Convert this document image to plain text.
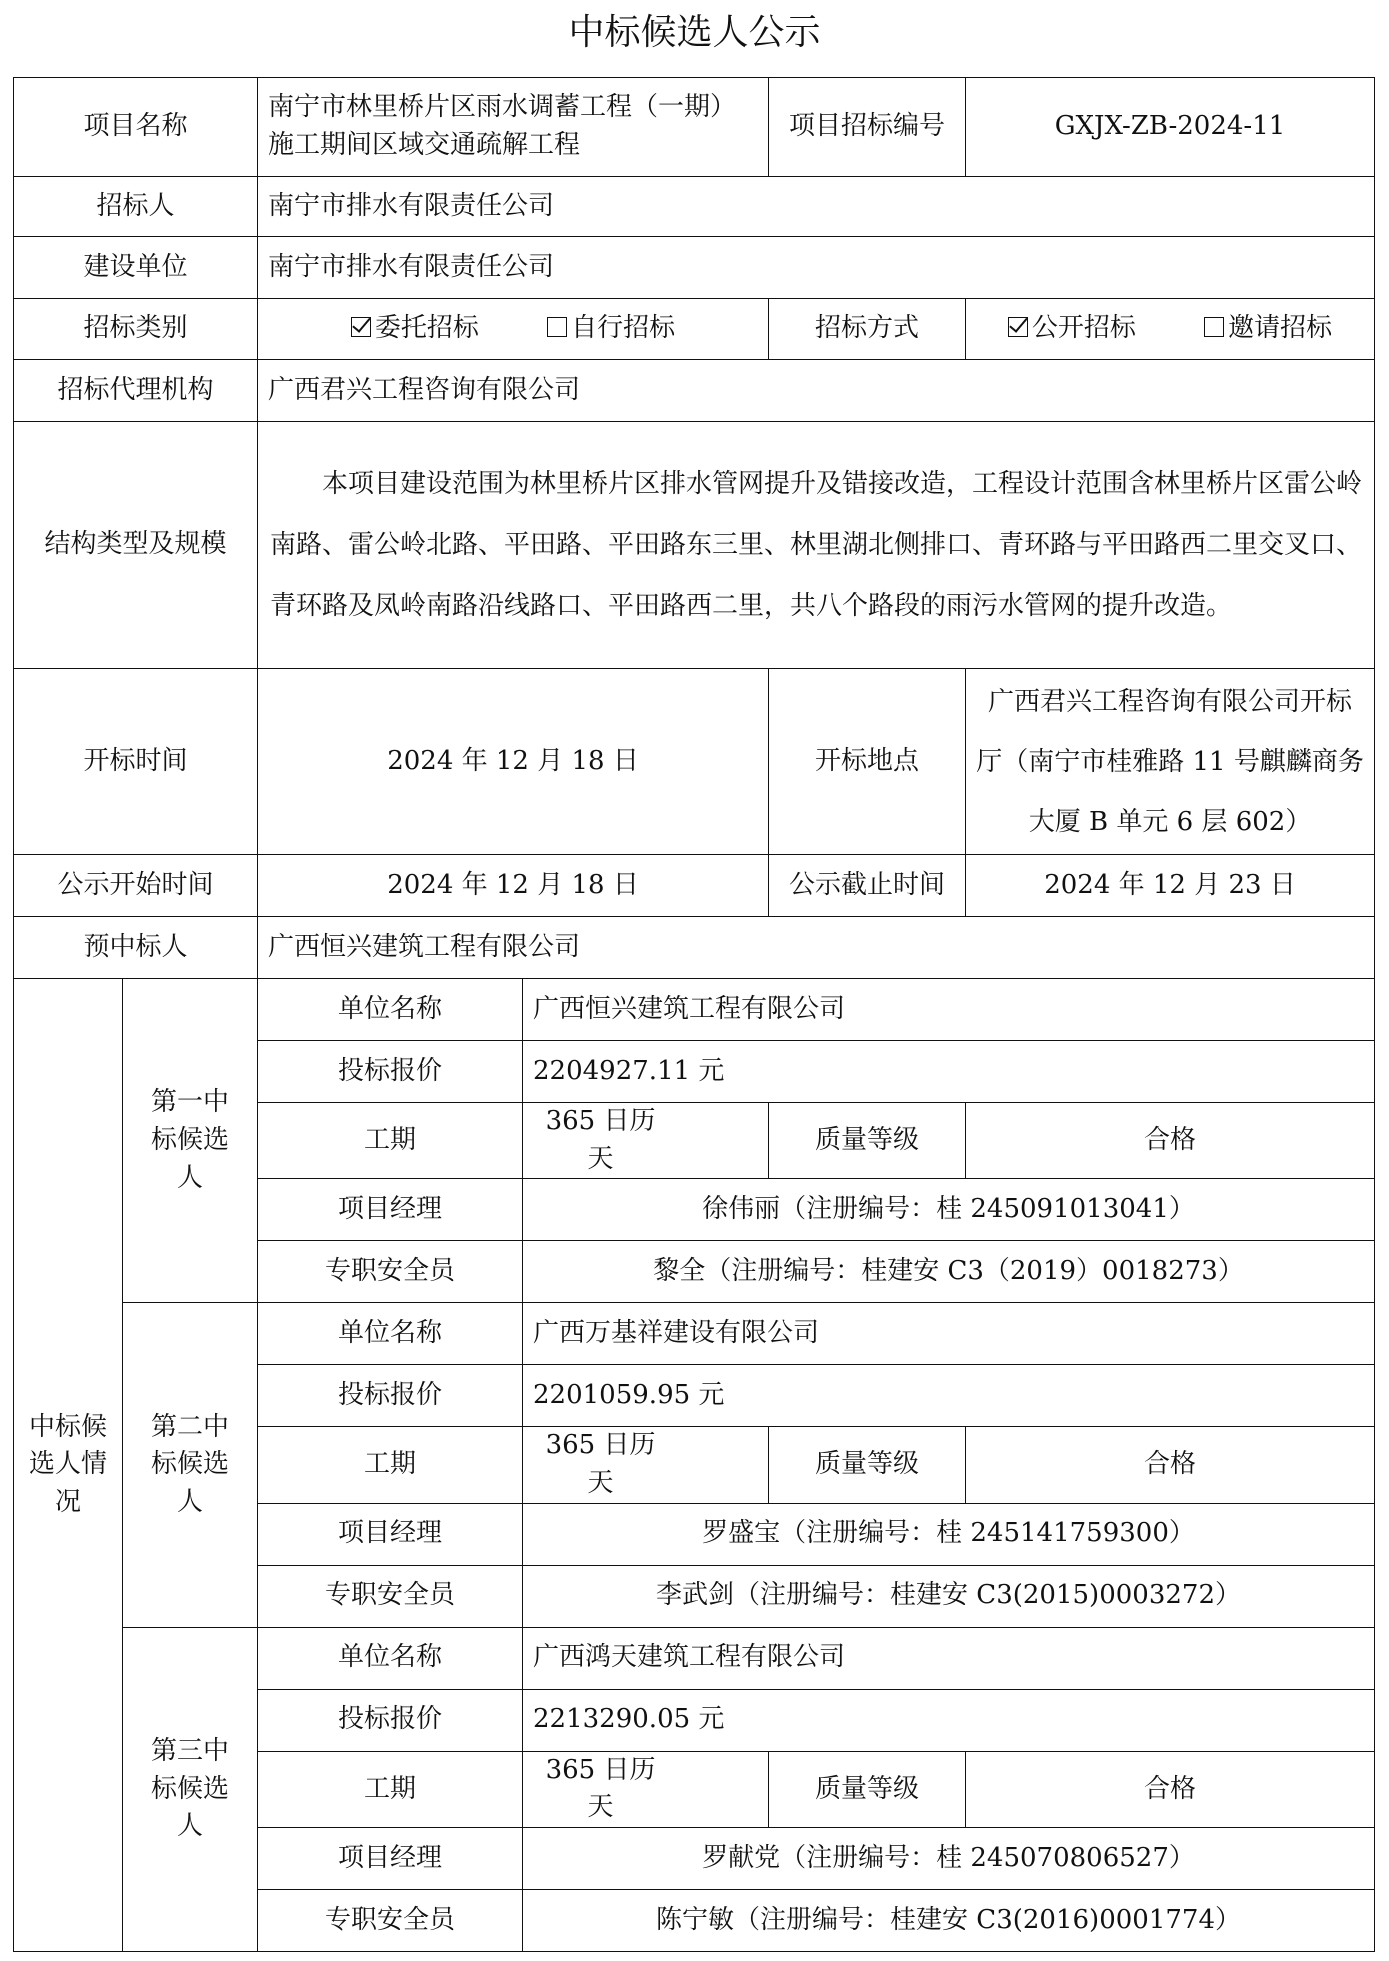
中标候选人公示
项目名称		南宁市林里桥片区雨水调蓄工程（一期）施工期间区域交通疏解工程		项目招标编号	GXJX-ZB-2024-11
招标人		南宁市排水有限责任公司			
建设单位		南宁市排水有限责任公司			
招标类别		委托招标 自行招标		招标方式	公开招标 邀请招标
招标代理机构		广西君兴工程咨询有限公司			
结构类型及规模		本项目建设范围为林里桥片区排水管网提升及错接改造，工程设计范围含林里桥片区雷公岭南路、雷公岭北路、平田路、平田路东三里、林里湖北侧排口、青环路与平田路西二里交叉口、青环路及凤岭南路沿线路口、平田路西二里，共八个路段的雨污水管网的提升改造。			
开标时间		2024 年 12 月 18 日		开标地点	广西君兴工程咨询有限公司开标厅（南宁市桂雅路 11 号麒麟商务大厦 B 单元 6 层 602）
公示开始时间		2024 年 12 月 18 日		公示截止时间	2024 年 12 月 23 日
预中标人		广西恒兴建筑工程有限公司			
中标候选人情况	第一中标候选人	单位名称	广西恒兴建筑工程有限公司		
		投标报价	2204927.11 元		
		工期	365 日历天	质量等级	合格
		项目经理	徐伟丽（注册编号：桂 245091013041）		
		专职安全员	黎全（注册编号：桂建安 C3（2019）0018273）		
	第二中标候选人	单位名称	广西万基祥建设有限公司		
		投标报价	2201059.95 元		
		工期	365 日历天	质量等级	合格
		项目经理	罗盛宝（注册编号：桂 245141759300）		
		专职安全员	李武剑（注册编号：桂建安 C3(2015)0003272）		
	第三中标候选人	单位名称	广西鸿天建筑工程有限公司		
		投标报价	2213290.05 元		
		工期	365 日历天	质量等级	合格
		项目经理	罗献党（注册编号：桂 245070806527）		
		专职安全员	陈宁敏（注册编号：桂建安 C3(2016)0001774）		
